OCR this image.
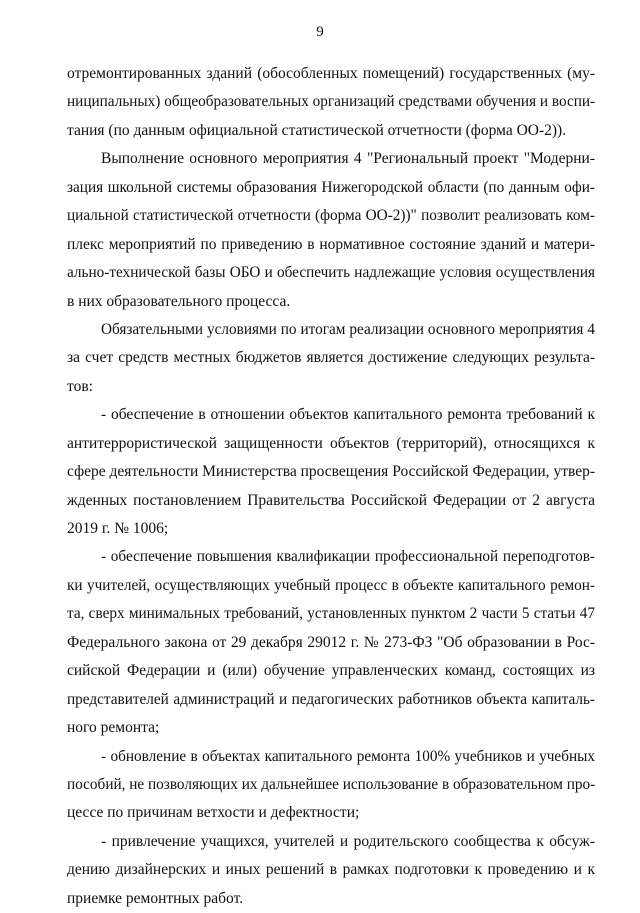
9
отремонтированных зданий (обособленных помещений) государственных (му-
ниципальных) общеобразовательных организаций средствами обучения и воспи-
тания (по данным официальной статистической отчетности (форма ОО-2)).
Выполнение основного мероприятия 4 "Региональный проект "Модерни-
зация школьной системы образования Нижегородской области (по данным офи-
циальной статистической отчетности (форма ОО-2))" позволит реализовать ком-
плекс мероприятий по приведению в нормативное состояние зданий и матери-
ально-технической базы ОБО и обеспечить надлежащие условия осуществления
в них образовательного процесса.
Обязательными условиями по итогам реализации основного мероприятия 4
за счет средств местных бюджетов является достижение следующих результа-
тов:
- обеспечение в отношении объектов капитального ремонта требований к
антитеррористической защищенности объектов (территорий), относящихся к
сфере деятельности Министерства просвещения Российской Федерации, утвер-
жденных постановлением Правительства Российской Федерации от 2 августа
2019 г. № 1006;
- обеспечение повышения квалификации профессиональной переподготов-
ки учителей, осуществляющих учебный процесс в объекте капитального ремон-
та, сверх минимальных требований, установленных пунктом 2 части 5 статьи 47
Федерального закона от 29 декабря 29012 г. № 273-ФЗ "Об образовании в Рос-
сийской Федерации и (или) обучение управленческих команд, состоящих из
представителей администраций и педагогических работников объекта капиталь-
ного ремонта;
- обновление в объектах капитального ремонта 100% учебников и учебных
пособий, не позволяющих их дальнейшее использование в образовательном про-
цессе по причинам ветхости и дефектности;
- привлечение учащихся, учителей и родительского сообщества к обсуж-
дению дизайнерских и иных решений в рамках подготовки к проведению и к
приемке ремонтных работ.
